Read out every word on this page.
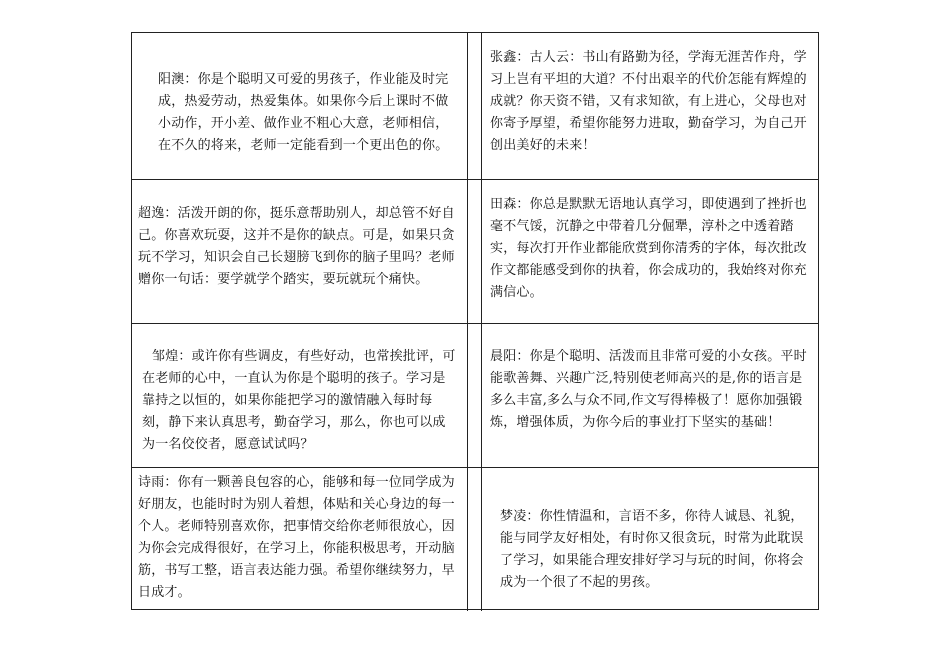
阳澳：你是个聪明又可爱的男孩子，作业能及时完成，热爱劳动，热爱集体。如果你今后上课时不做小动作，开小差、做作业不粗心大意，老师相信，在不久的将来，老师一定能看到一个更出色的你。
张鑫：古人云：书山有路勤为径，学海无涯苦作舟，学习上岂有平坦的大道？不付出艰辛的代价怎能有辉煌的成就？你天资不错，又有求知欲，有上进心，父母也对你寄予厚望，希望你能努力进取，勤奋学习，为自己开创出美好的未来！
超逸：活泼开朗的你，挺乐意帮助别人，却总管不好自己。你喜欢玩耍，这并不是你的缺点。可是，如果只贪玩不学习，知识会自己长翅膀飞到你的脑子里吗？老师赠你一句话：要学就学个踏实，要玩就玩个痛快。
田森：你总是默默无语地认真学习，即使遇到了挫折也毫不气馁，沉静之中带着几分倔犟，淳朴之中透着踏实，每次打开作业都能欣赏到你清秀的字体，每次批改作文都能感受到你的执着，你会成功的，我始终对你充满信心。
邹煌：或许你有些调皮，有些好动，也常挨批评，可在老师的心中，一直认为你是个聪明的孩子。学习是靠持之以恒的，如果你能把学习的激情融入每时每刻，静下来认真思考，勤奋学习，那么，你也可以成为一名佼佼者，愿意试试吗？
晨阳：你是个聪明、活泼而且非常可爱的小女孩。平时能歌善舞、兴趣广泛,特别使老师高兴的是,你的语言是多么丰富,多么与众不同,作文写得棒极了！愿你加强锻炼，增强体质，为你今后的事业打下坚实的基础！
诗雨：你有一颗善良包容的心，能够和每一位同学成为好朋友，也能时时为别人着想，体贴和关心身边的每一个人。老师特别喜欢你，把事情交给你老师很放心，因为你会完成得很好，在学习上，你能积极思考，开动脑筋，书写工整，语言表达能力强。希望你继续努力，早日成才。
梦凌：你性情温和，言语不多，你待人诚恳、礼貌，能与同学友好相处，有时你又很贪玩，时常为此耽误了学习，如果能合理安排好学习与玩的时间，你将会成为一个很了不起的男孩。
